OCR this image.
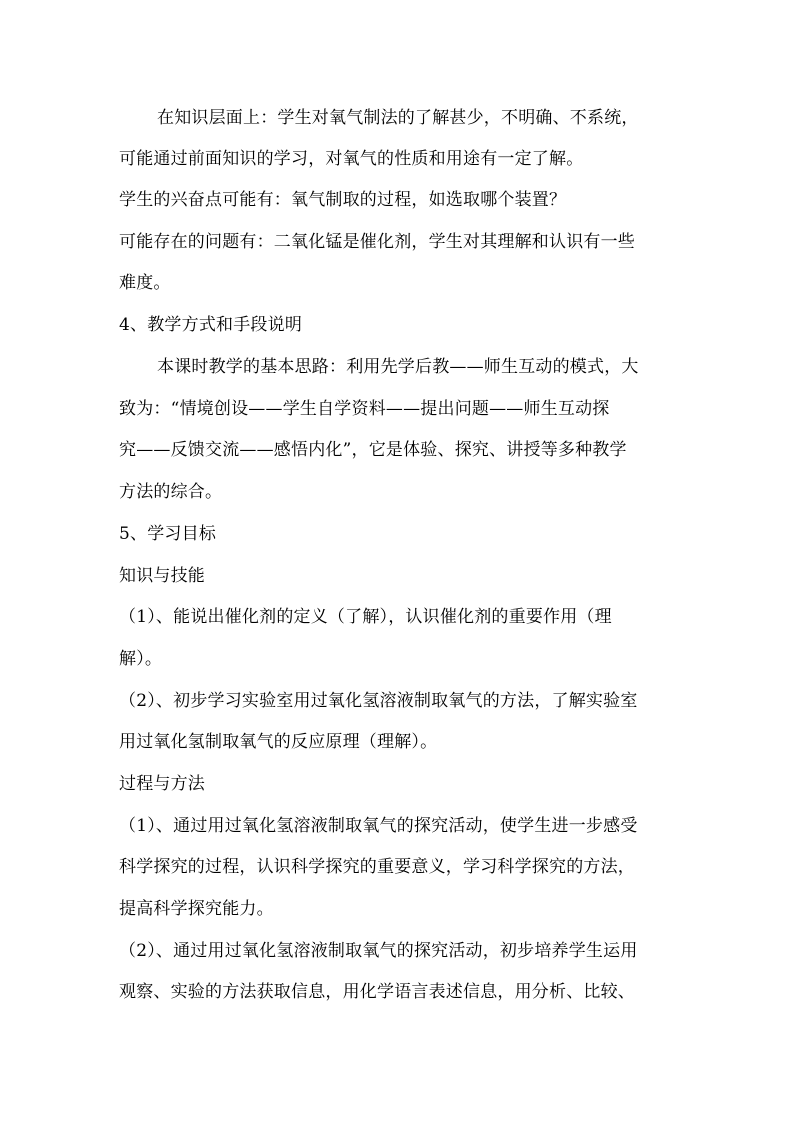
在知识层面上：学生对氧气制法的了解甚少，不明确、不系统，
可能通过前面知识的学习，对氧气的性质和用途有一定了解。
学生的兴奋点可能有：氧气制取的过程，如选取哪个装置？
可能存在的问题有：二氧化锰是催化剂，学生对其理解和认识有一些
难度。
4、教学方式和手段说明
本课时教学的基本思路：利用先学后教——师生互动的模式，大
致为：“情境创设——学生自学资料——提出问题——师生互动探
究——反馈交流——感悟内化”，它是体验、探究、讲授等多种教学
方法的综合。
5、学习目标
知识与技能
（1）、能说出催化剂的定义（了解），认识催化剂的重要作用（理
解）。
（2）、初步学习实验室用过氧化氢溶液制取氧气的方法，了解实验室
用过氧化氢制取氧气的反应原理（理解）。
过程与方法
（1）、通过用过氧化氢溶液制取氧气的探究活动，使学生进一步感受
科学探究的过程，认识科学探究的重要意义，学习科学探究的方法，
提高科学探究能力。
（2）、通过用过氧化氢溶液制取氧气的探究活动，初步培养学生运用
观察、实验的方法获取信息，用化学语言表述信息，用分析、比较、
